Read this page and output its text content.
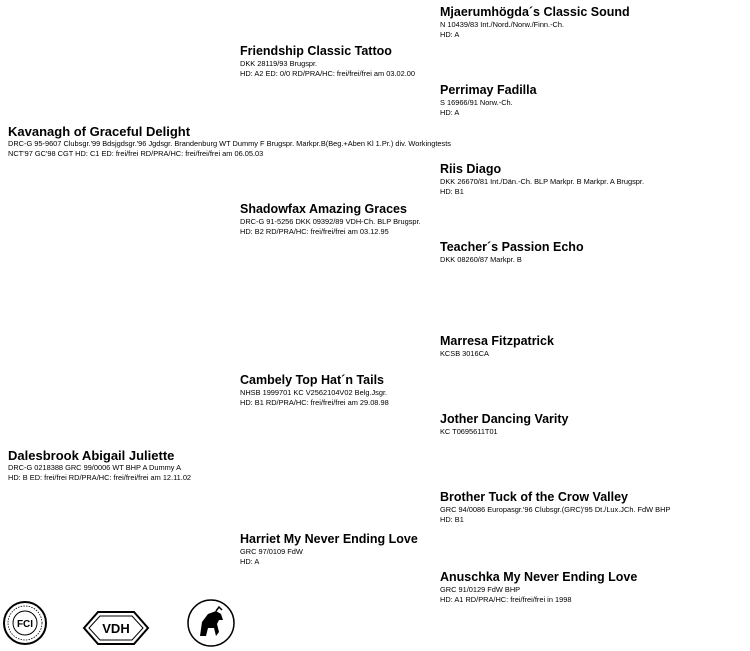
Kavanagh of Graceful Delight
DRC-G 95-9607 Clubsgr.'99 Bdsjgdsgr.'96 Jgdsgr. Brandenburg WT Dummy F Brugspr. Markpr.B(Beg.+Aben Kl 1.Pr.) div. Workingtests
NCT'97 GC'98 CGT HD: C1 ED: frei/frei RD/PRA/HC: frei/frei/frei am 06.05.03
Dalesbrook Abigail Juliette
DRC-G 0218388 GRC 99/0006 WT BHP A Dummy A
HD: B ED: frei/frei RD/PRA/HC: frei/frei/frei am 12.11.02
Friendship Classic Tattoo
DKK 28119/93 Brugspr.
HD: A2 ED: 0/0 RD/PRA/HC: frei/frei/frei am 03.02.00
Shadowfax Amazing Graces
DRC-G 91-5256 DKK 09392/89 VDH-Ch. BLP Brugspr.
HD: B2 RD/PRA/HC: frei/frei/frei am 03.12.95
Cambely Top Hat´n Tails
NHSB 1999701 KC V2562104V02 Belg.Jsgr.
HD: B1 RD/PRA/HC: frei/frei/frei am 29.08.98
Harriet My Never Ending Love
GRC 97/0109 FdW
HD: A
Mjaerumhögda´s Classic Sound
N 10439/83 Int./Nord./Norw./Finn.-Ch.
HD: A
Perrimay Fadilla
S 16966/91 Norw.-Ch.
HD: A
Riis Diago
DKK 26670/81 Int./Dän.-Ch. BLP Markpr. B Markpr. A Brugspr.
HD: B1
Teacher´s Passion Echo
DKK 08260/87 Markpr. B
Marresa Fitzpatrick
KCSB 3016CA
Jother Dancing Varity
KC T0695611T01
Brother Tuck of the Crow Valley
GRC 94/0086 Europasgr.'96 Clubsgr.(GRC)'95 Dt./Lux.JCh. FdW BHP
HD: B1
Anuschka My Never Ending Love
GRC 91/0129 FdW BHP
HD: A1 RD/PRA/HC: frei/frei/frei in 1998
FCI	VDH
